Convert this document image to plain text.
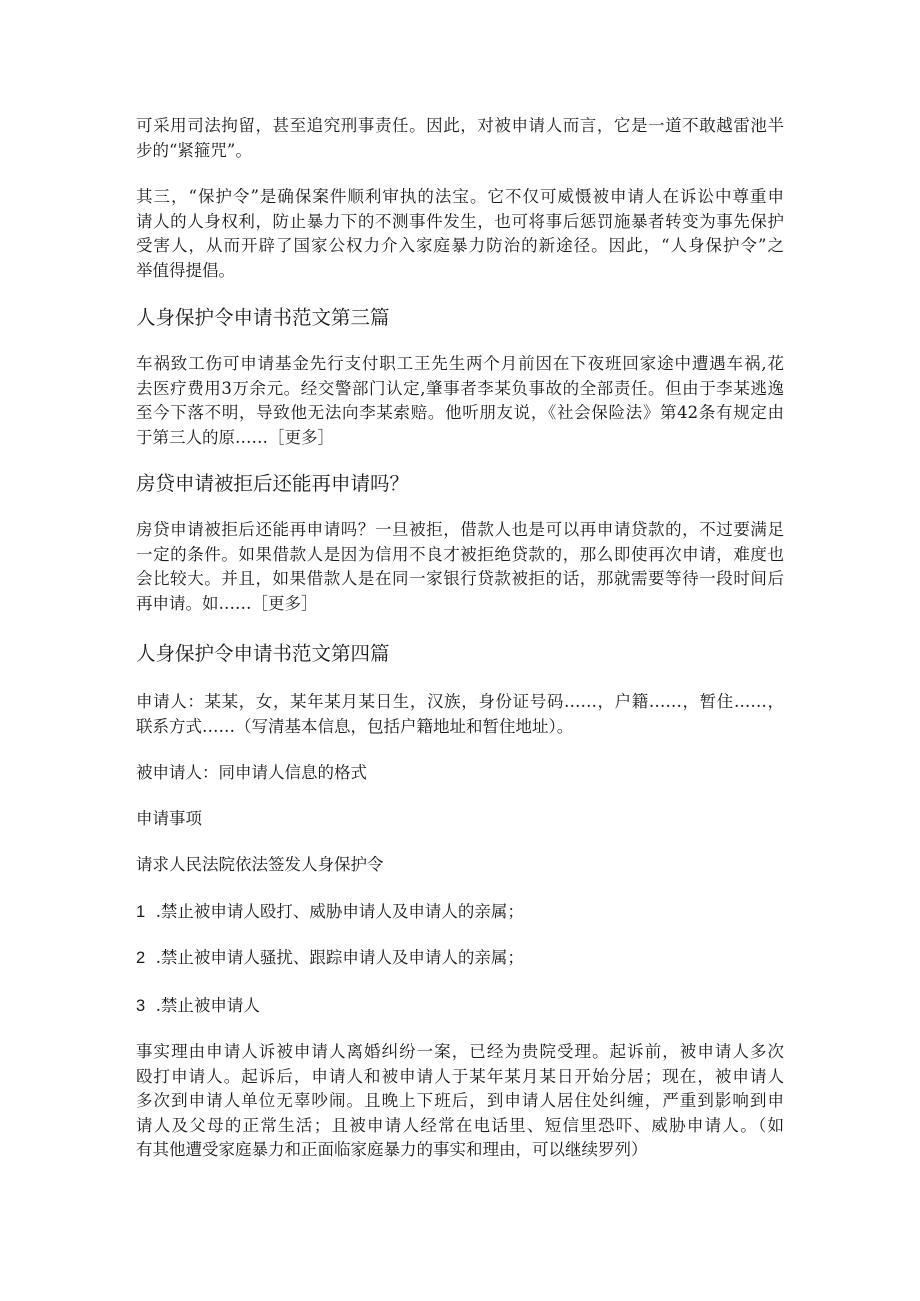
可采用司法拘留，甚至追究刑事责任。因此，对被申请人而言，它是一道不敢越雷池半
步的“紧箍咒”。

其三，“保护令”是确保案件顺利审执的法宝。它不仅可威慑被申请人在诉讼中尊重申
请人的人身权利，防止暴力下的不测事件发生，也可将事后惩罚施暴者转变为事先保护
受害人，从而开辟了国家公权力介入家庭暴力防治的新途径。因此，“人身保护令”之
举值得提倡。

人身保护令申请书范文第三篇

车祸致工伤可申请基金先行支付职工王先生两个月前因在下夜班回家途中遭遇车祸,花
去医疗费用3万余元。经交警部门认定,肇事者李某负事故的全部责任。但由于李某逃逸
至今下落不明，导致他无法向李某索赔。他听朋友说，《社会保险法》第42条有规定由
于第三人的原……［更多］

房贷申请被拒后还能再申请吗？

房贷申请被拒后还能再申请吗？一旦被拒，借款人也是可以再申请贷款的，不过要满足
一定的条件。如果借款人是因为信用不良才被拒绝贷款的，那么即使再次申请，难度也
会比较大。并且，如果借款人是在同一家银行贷款被拒的话，那就需要等待一段时间后
再申请。如……［更多］

人身保护令申请书范文第四篇

申请人：某某，女，某年某月某日生，汉族，身份证号码……，户籍……，暂住……，
联系方式……（写清基本信息，包括户籍地址和暂住地址）。

被申请人：同申请人信息的格式

申请事项

请求人民法院依法签发人身保护令

1 .禁止被申请人殴打、威胁申请人及申请人的亲属；

2 .禁止被申请人骚扰、跟踪申请人及申请人的亲属；

3 .禁止被申请人

事实理由申请人诉被申请人离婚纠纷一案，已经为贵院受理。起诉前，被申请人多次
殴打申请人。起诉后，申请人和被申请人于某年某月某日开始分居；现在，被申请人
多次到申请人单位无辜吵闹。且晚上下班后，到申请人居住处纠缠，严重到影响到申
请人及父母的正常生活；且被申请人经常在电话里、短信里恐吓、威胁申请人。（如
有其他遭受家庭暴力和正面临家庭暴力的事实和理由，可以继续罗列）
